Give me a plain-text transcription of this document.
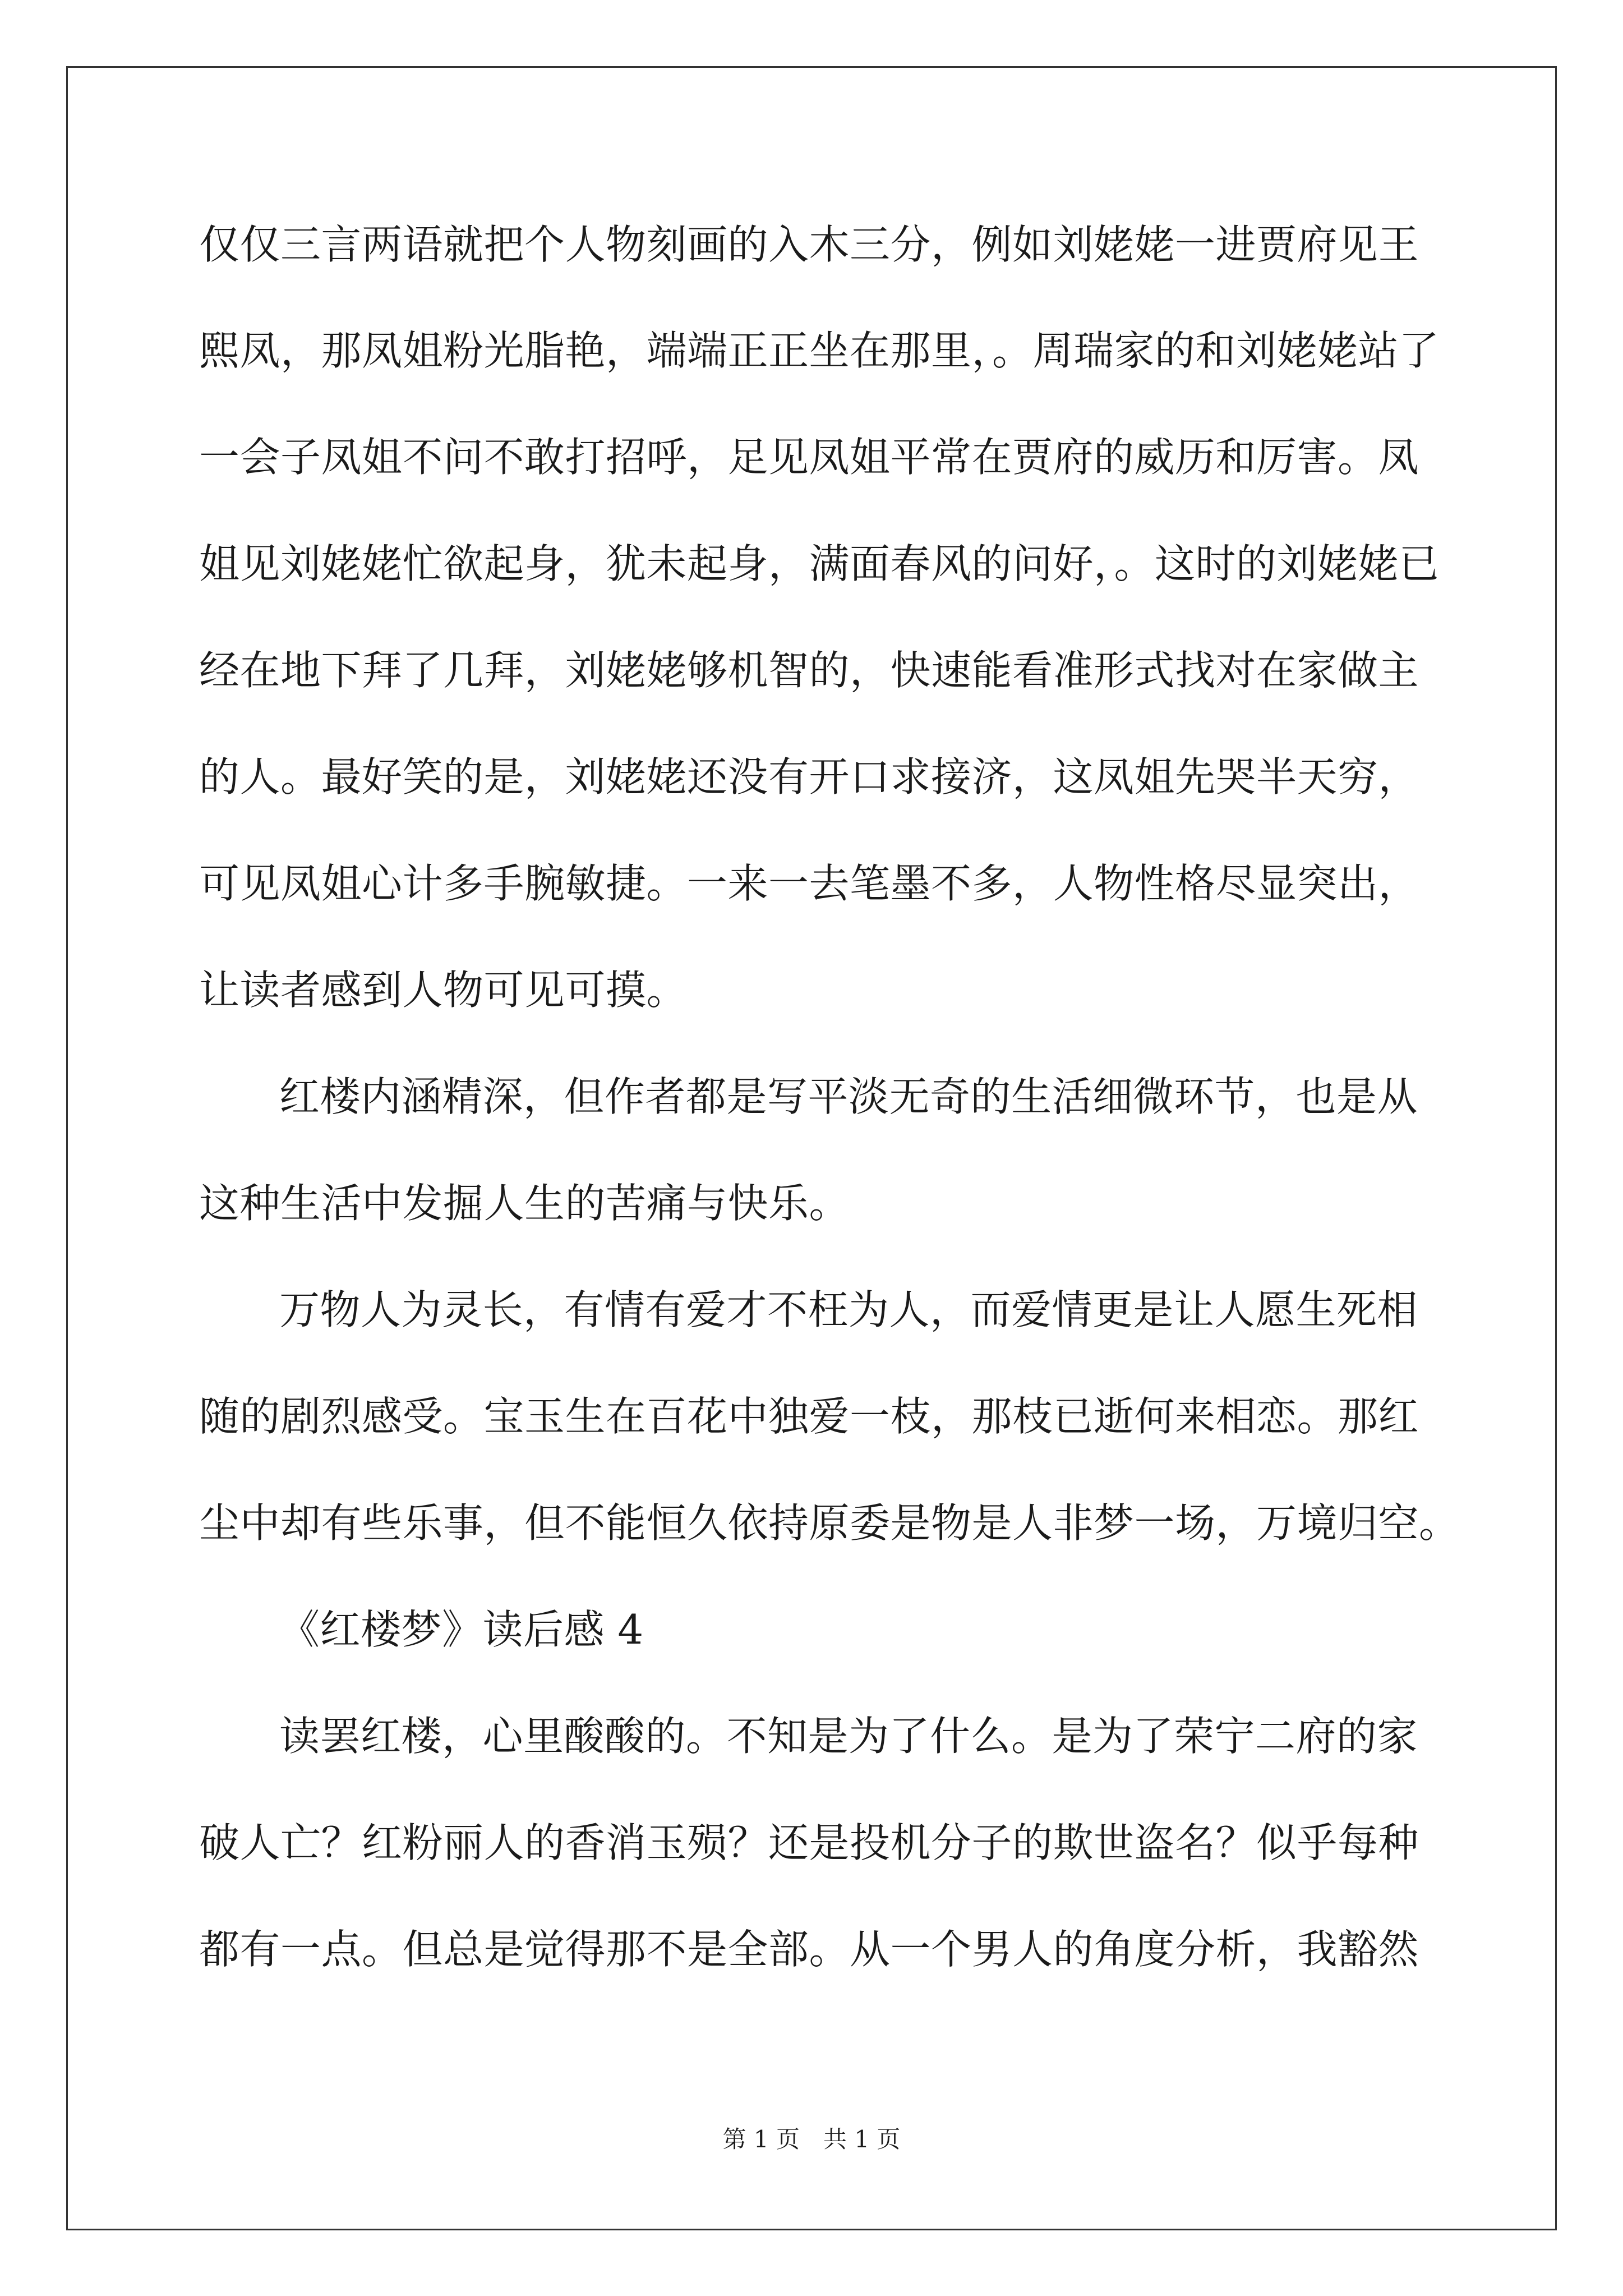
仅仅三言两语就把个人物刻画的入木三分，例如刘姥姥一进贾府见王
熙凤，那凤姐粉光脂艳，端端正正坐在那里，。周瑞家的和刘姥姥站了
一会子凤姐不问不敢打招呼，足见凤姐平常在贾府的威历和厉害。凤
姐见刘姥姥忙欲起身，犹未起身，满面春风的问好，。这时的刘姥姥已
经在地下拜了几拜，刘姥姥够机智的，快速能看准形式找对在家做主
的人。最好笑的是，刘姥姥还没有开口求接济，这凤姐先哭半天穷，
可见凤姐心计多手腕敏捷。一来一去笔墨不多，人物性格尽显突出，
让读者感到人物可见可摸。
红楼内涵精深，但作者都是写平淡无奇的生活细微环节，也是从
这种生活中发掘人生的苦痛与快乐。
万物人为灵长，有情有爱才不枉为人，而爱情更是让人愿生死相
随的剧烈感受。宝玉生在百花中独爱一枝，那枝已逝何来相恋。那红
尘中却有些乐事，但不能恒久依持原委是物是人非梦一场，万境归空。
《红楼梦》读后感 4
读罢红楼，心里酸酸的。不知是为了什么。是为了荣宁二府的家
破人亡？红粉丽人的香消玉殒？还是投机分子的欺世盗名？似乎每种
都有一点。但总是觉得那不是全部。从一个男人的角度分析，我豁然
第 1 页　共 1 页
